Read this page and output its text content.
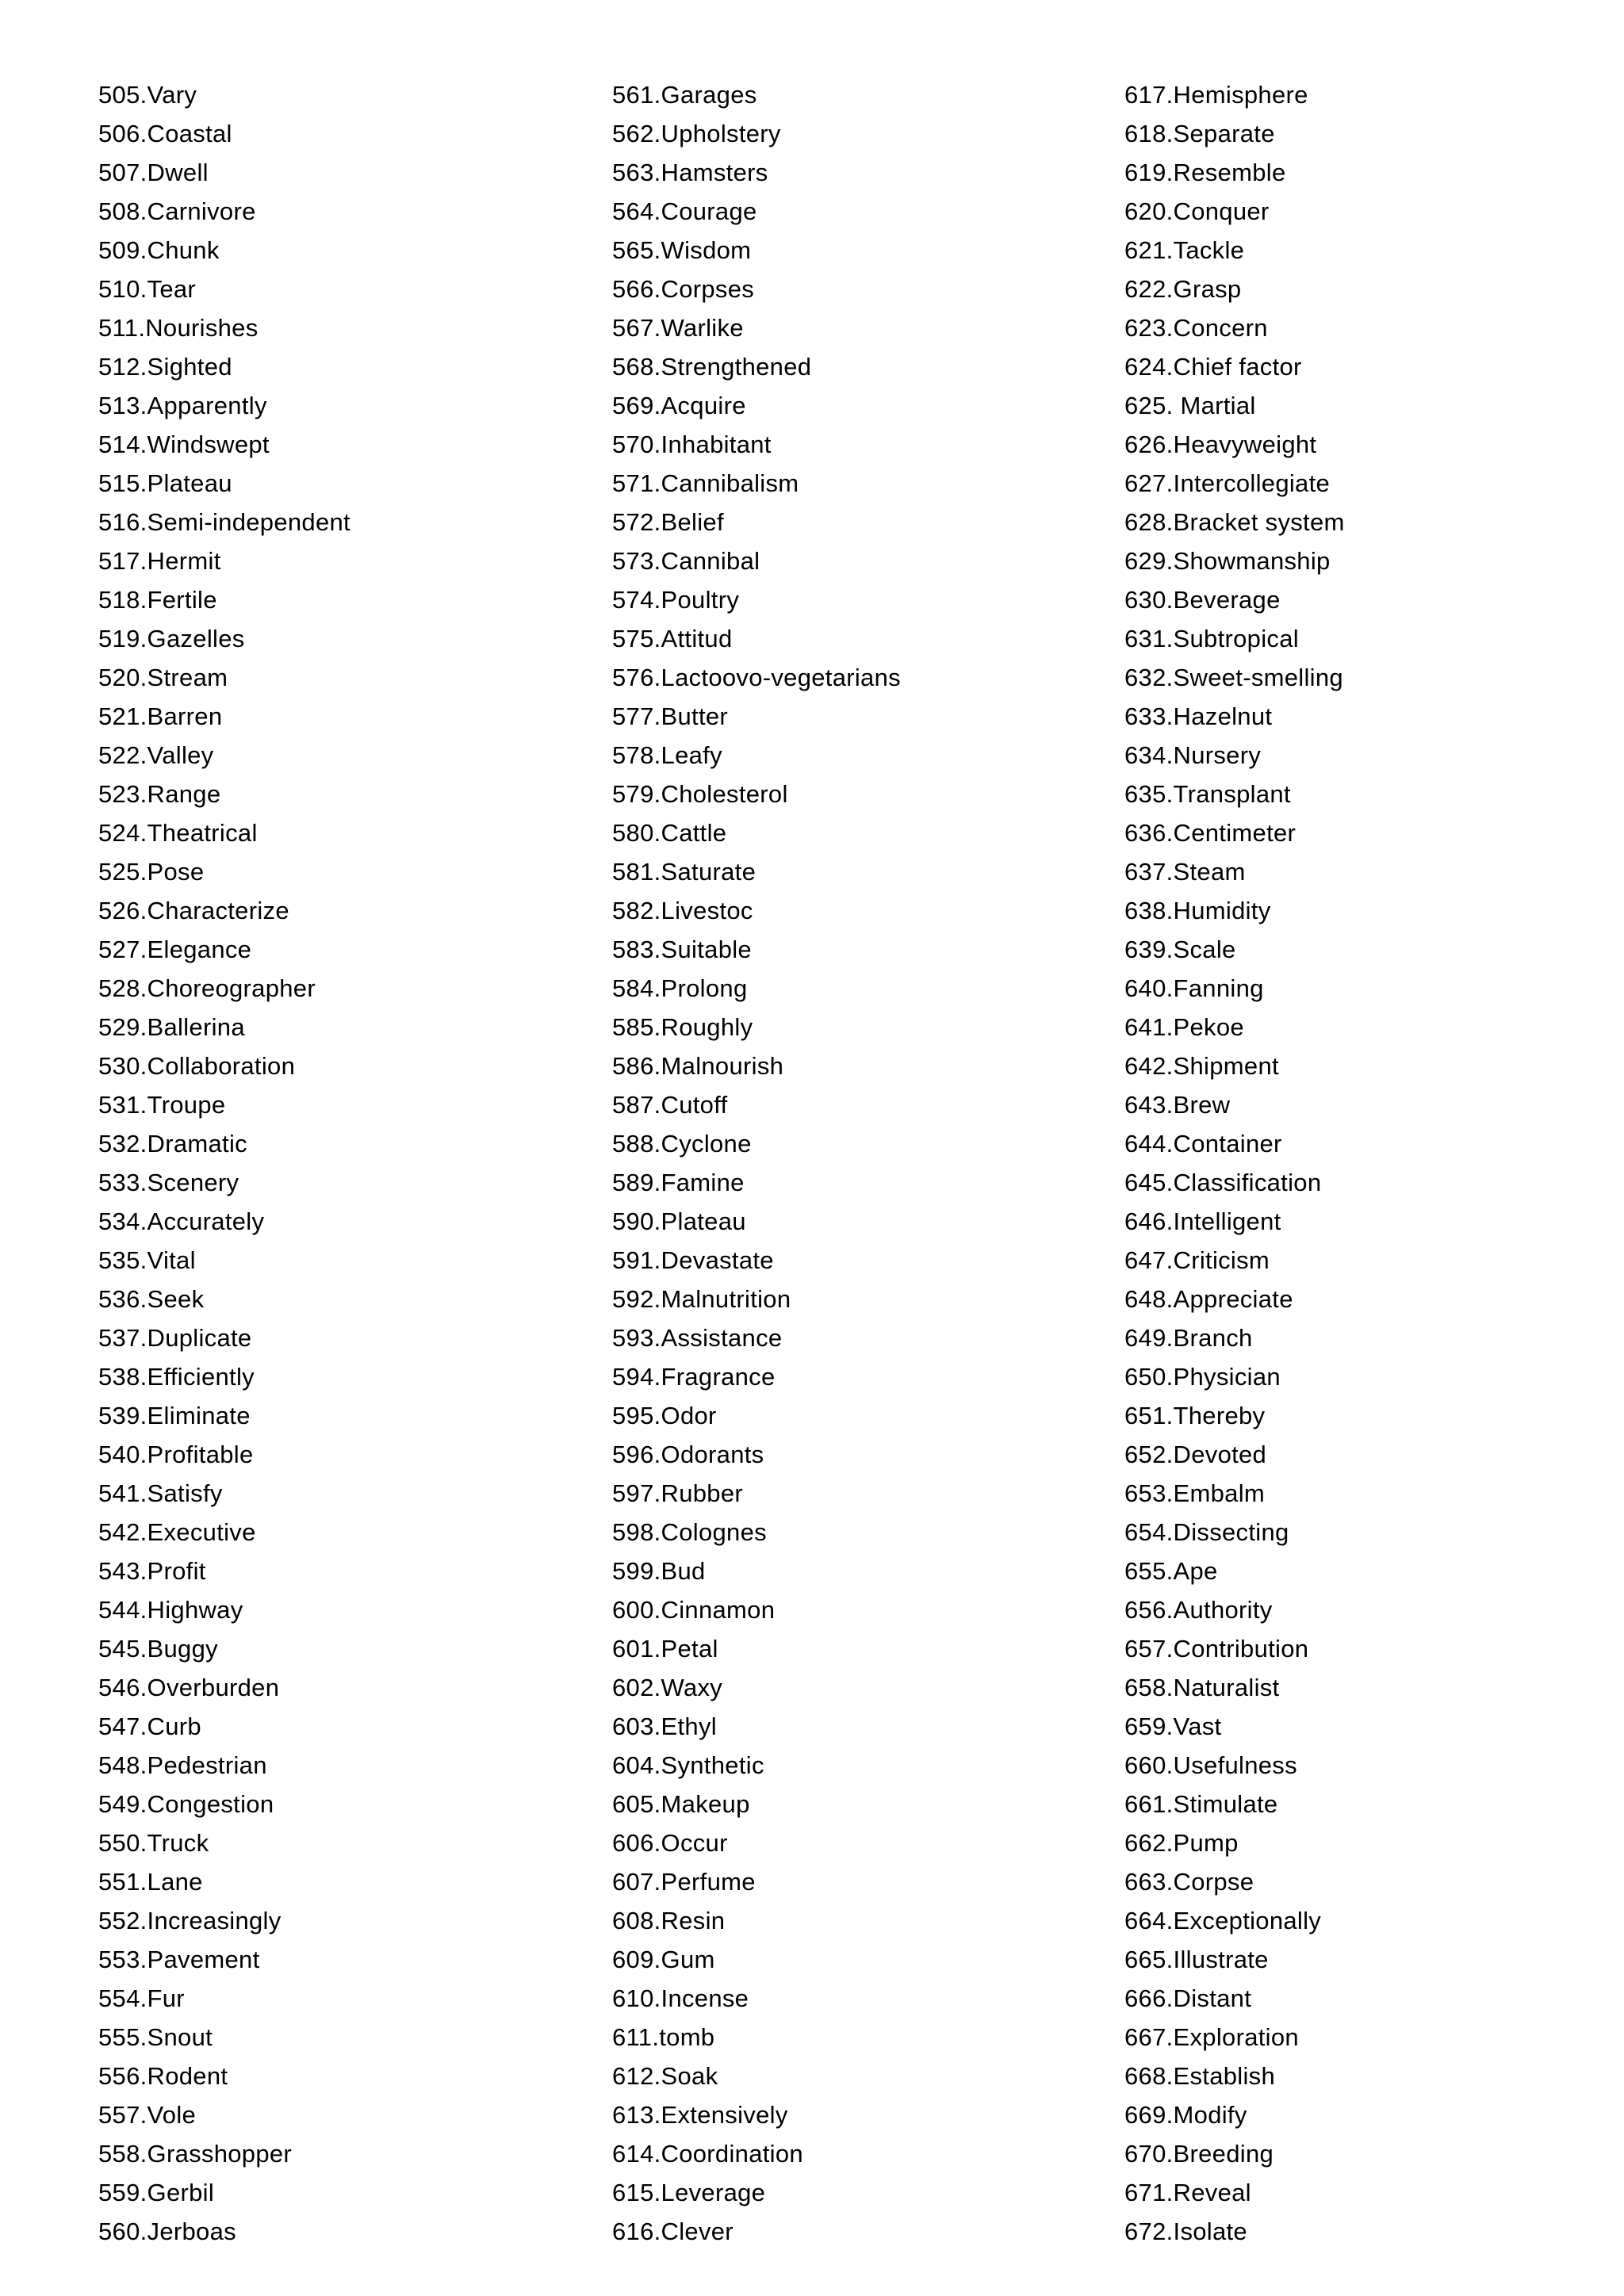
505.Vary
506.Coastal
507.Dwell
508.Carnivore
509.Chunk
510.Tear
511.Nourishes
512.Sighted
513.Apparently
514.Windswept
515.Plateau
516.Semi-independent
517.Hermit
518.Fertile
519.Gazelles
520.Stream
521.Barren
522.Valley
523.Range
524.Theatrical
525.Pose
526.Characterize
527.Elegance
528.Choreographer
529.Ballerina
530.Collaboration
531.Troupe
532.Dramatic
533.Scenery
534.Accurately
535.Vital
536.Seek
537.Duplicate
538.Efficiently
539.Eliminate
540.Profitable
541.Satisfy
542.Executive
543.Profit
544.Highway
545.Buggy
546.Overburden
547.Curb
548.Pedestrian
549.Congestion
550.Truck
551.Lane
552.Increasingly
553.Pavement
554.Fur
555.Snout
556.Rodent
557.Vole
558.Grasshopper
559.Gerbil
560.Jerboas
561.Garages
562.Upholstery
563.Hamsters
564.Courage
565.Wisdom
566.Corpses
567.Warlike
568.Strengthened
569.Acquire
570.Inhabitant
571.Cannibalism
572.Belief
573.Cannibal
574.Poultry
575.Attitud
576.Lactoovo-vegetarians
577.Butter
578.Leafy
579.Cholesterol
580.Cattle
581.Saturate
582.Livestoc
583.Suitable
584.Prolong
585.Roughly
586.Malnourish
587.Cutoff
588.Cyclone
589.Famine
590.Plateau
591.Devastate
592.Malnutrition
593.Assistance
594.Fragrance
595.Odor
596.Odorants
597.Rubber
598.Colognes
599.Bud
600.Cinnamon
601.Petal
602.Waxy
603.Ethyl
604.Synthetic
605.Makeup
606.Occur
607.Perfume
608.Resin
609.Gum
610.Incense
611.tomb
612.Soak
613.Extensively
614.Coordination
615.Leverage
616.Clever
617.Hemisphere
618.Separate
619.Resemble
620.Conquer
621.Tackle
622.Grasp
623.Concern
624.Chief factor
625. Martial
626.Heavyweight
627.Intercollegiate
628.Bracket system
629.Showmanship
630.Beverage
631.Subtropical
632.Sweet-smelling
633.Hazelnut
634.Nursery
635.Transplant
636.Centimeter
637.Steam
638.Humidity
639.Scale
640.Fanning
641.Pekoe
642.Shipment
643.Brew
644.Container
645.Classification
646.Intelligent
647.Criticism
648.Appreciate
649.Branch
650.Physician
651.Thereby
652.Devoted
653.Embalm
654.Dissecting
655.Ape
656.Authority
657.Contribution
658.Naturalist
659.Vast
660.Usefulness
661.Stimulate
662.Pump
663.Corpse
664.Exceptionally
665.Illustrate
666.Distant
667.Exploration
668.Establish
669.Modify
670.Breeding
671.Reveal
672.Isolate
